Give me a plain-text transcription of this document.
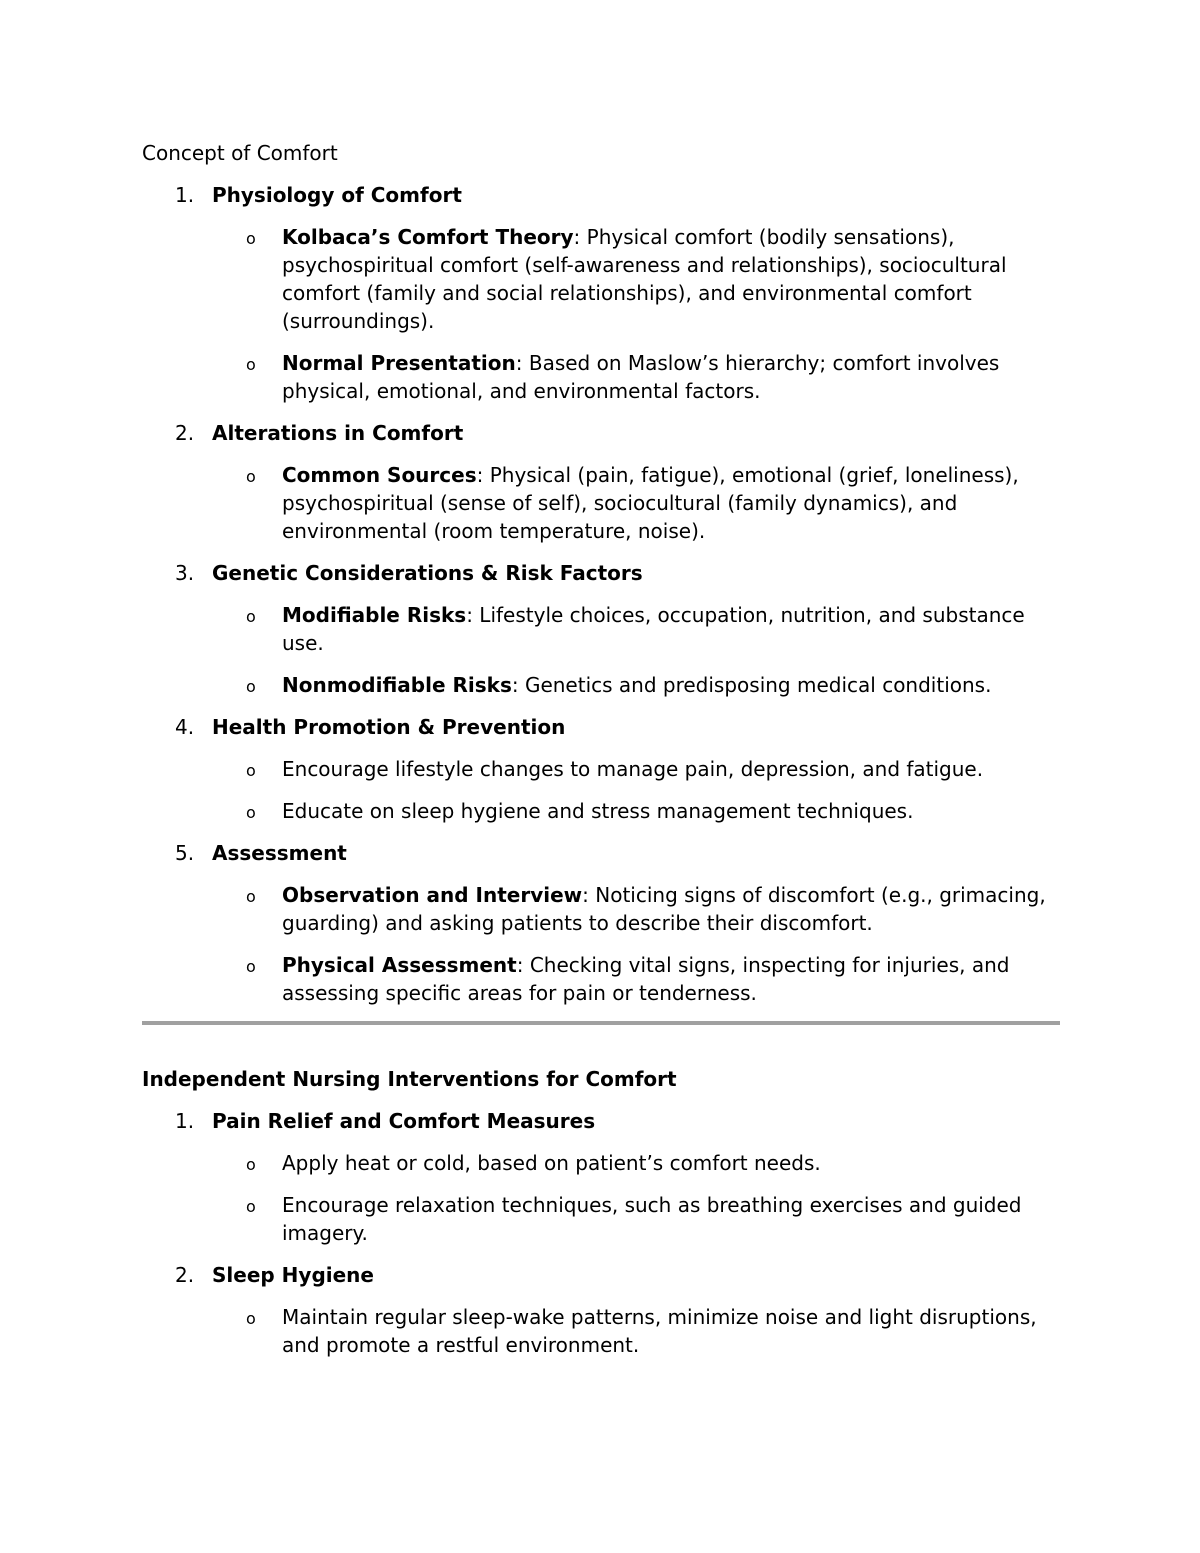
Concept of Comfort
1. Physiology of Comfort
o	Kolbaca’s Comfort Theory: Physical comfort (bodily sensations), psychospiritual comfort (self-awareness and relationships), sociocultural comfort (family and social relationships), and environmental comfort (surroundings).
o	Normal Presentation: Based on Maslow’s hierarchy; comfort involves physical, emotional, and environmental factors.
2. Alterations in Comfort
o	Common Sources: Physical (pain, fatigue), emotional (grief, loneliness), psychospiritual (sense of self), sociocultural (family dynamics), and environmental (room temperature, noise).
3. Genetic Considerations & Risk Factors
o	Modifiable Risks: Lifestyle choices, occupation, nutrition, and substance use.
o	Nonmodifiable Risks: Genetics and predisposing medical conditions.
4. Health Promotion & Prevention
o	Encourage lifestyle changes to manage pain, depression, and fatigue.
o	Educate on sleep hygiene and stress management techniques.
5. Assessment
o	Observation and Interview: Noticing signs of discomfort (e.g., grimacing, guarding) and asking patients to describe their discomfort.
o	Physical Assessment: Checking vital signs, inspecting for injuries, and assessing specific areas for pain or tenderness.
Independent Nursing Interventions for Comfort
1. Pain Relief and Comfort Measures
o	Apply heat or cold, based on patient’s comfort needs.
o	Encourage relaxation techniques, such as breathing exercises and guided imagery.
2. Sleep Hygiene
o	Maintain regular sleep-wake patterns, minimize noise and light disruptions, and promote a restful environment.
